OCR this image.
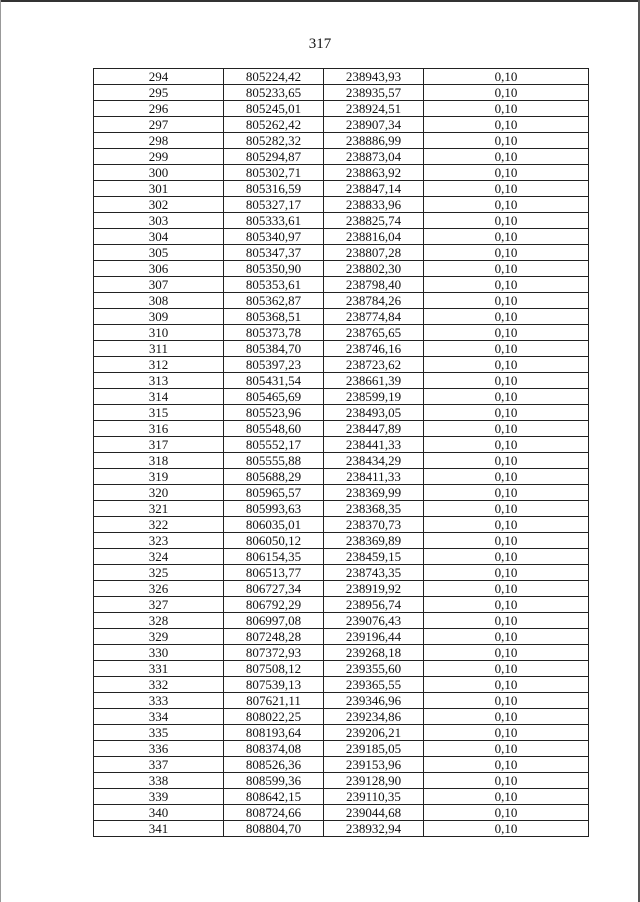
317
294	805224,42	238943,93	0,10
295	805233,65	238935,57	0,10
296	805245,01	238924,51	0,10
297	805262,42	238907,34	0,10
298	805282,32	238886,99	0,10
299	805294,87	238873,04	0,10
300	805302,71	238863,92	0,10
301	805316,59	238847,14	0,10
302	805327,17	238833,96	0,10
303	805333,61	238825,74	0,10
304	805340,97	238816,04	0,10
305	805347,37	238807,28	0,10
306	805350,90	238802,30	0,10
307	805353,61	238798,40	0,10
308	805362,87	238784,26	0,10
309	805368,51	238774,84	0,10
310	805373,78	238765,65	0,10
311	805384,70	238746,16	0,10
312	805397,23	238723,62	0,10
313	805431,54	238661,39	0,10
314	805465,69	238599,19	0,10
315	805523,96	238493,05	0,10
316	805548,60	238447,89	0,10
317	805552,17	238441,33	0,10
318	805555,88	238434,29	0,10
319	805688,29	238411,33	0,10
320	805965,57	238369,99	0,10
321	805993,63	238368,35	0,10
322	806035,01	238370,73	0,10
323	806050,12	238369,89	0,10
324	806154,35	238459,15	0,10
325	806513,77	238743,35	0,10
326	806727,34	238919,92	0,10
327	806792,29	238956,74	0,10
328	806997,08	239076,43	0,10
329	807248,28	239196,44	0,10
330	807372,93	239268,18	0,10
331	807508,12	239355,60	0,10
332	807539,13	239365,55	0,10
333	807621,11	239346,96	0,10
334	808022,25	239234,86	0,10
335	808193,64	239206,21	0,10
336	808374,08	239185,05	0,10
337	808526,36	239153,96	0,10
338	808599,36	239128,90	0,10
339	808642,15	239110,35	0,10
340	808724,66	239044,68	0,10
341	808804,70	238932,94	0,10
